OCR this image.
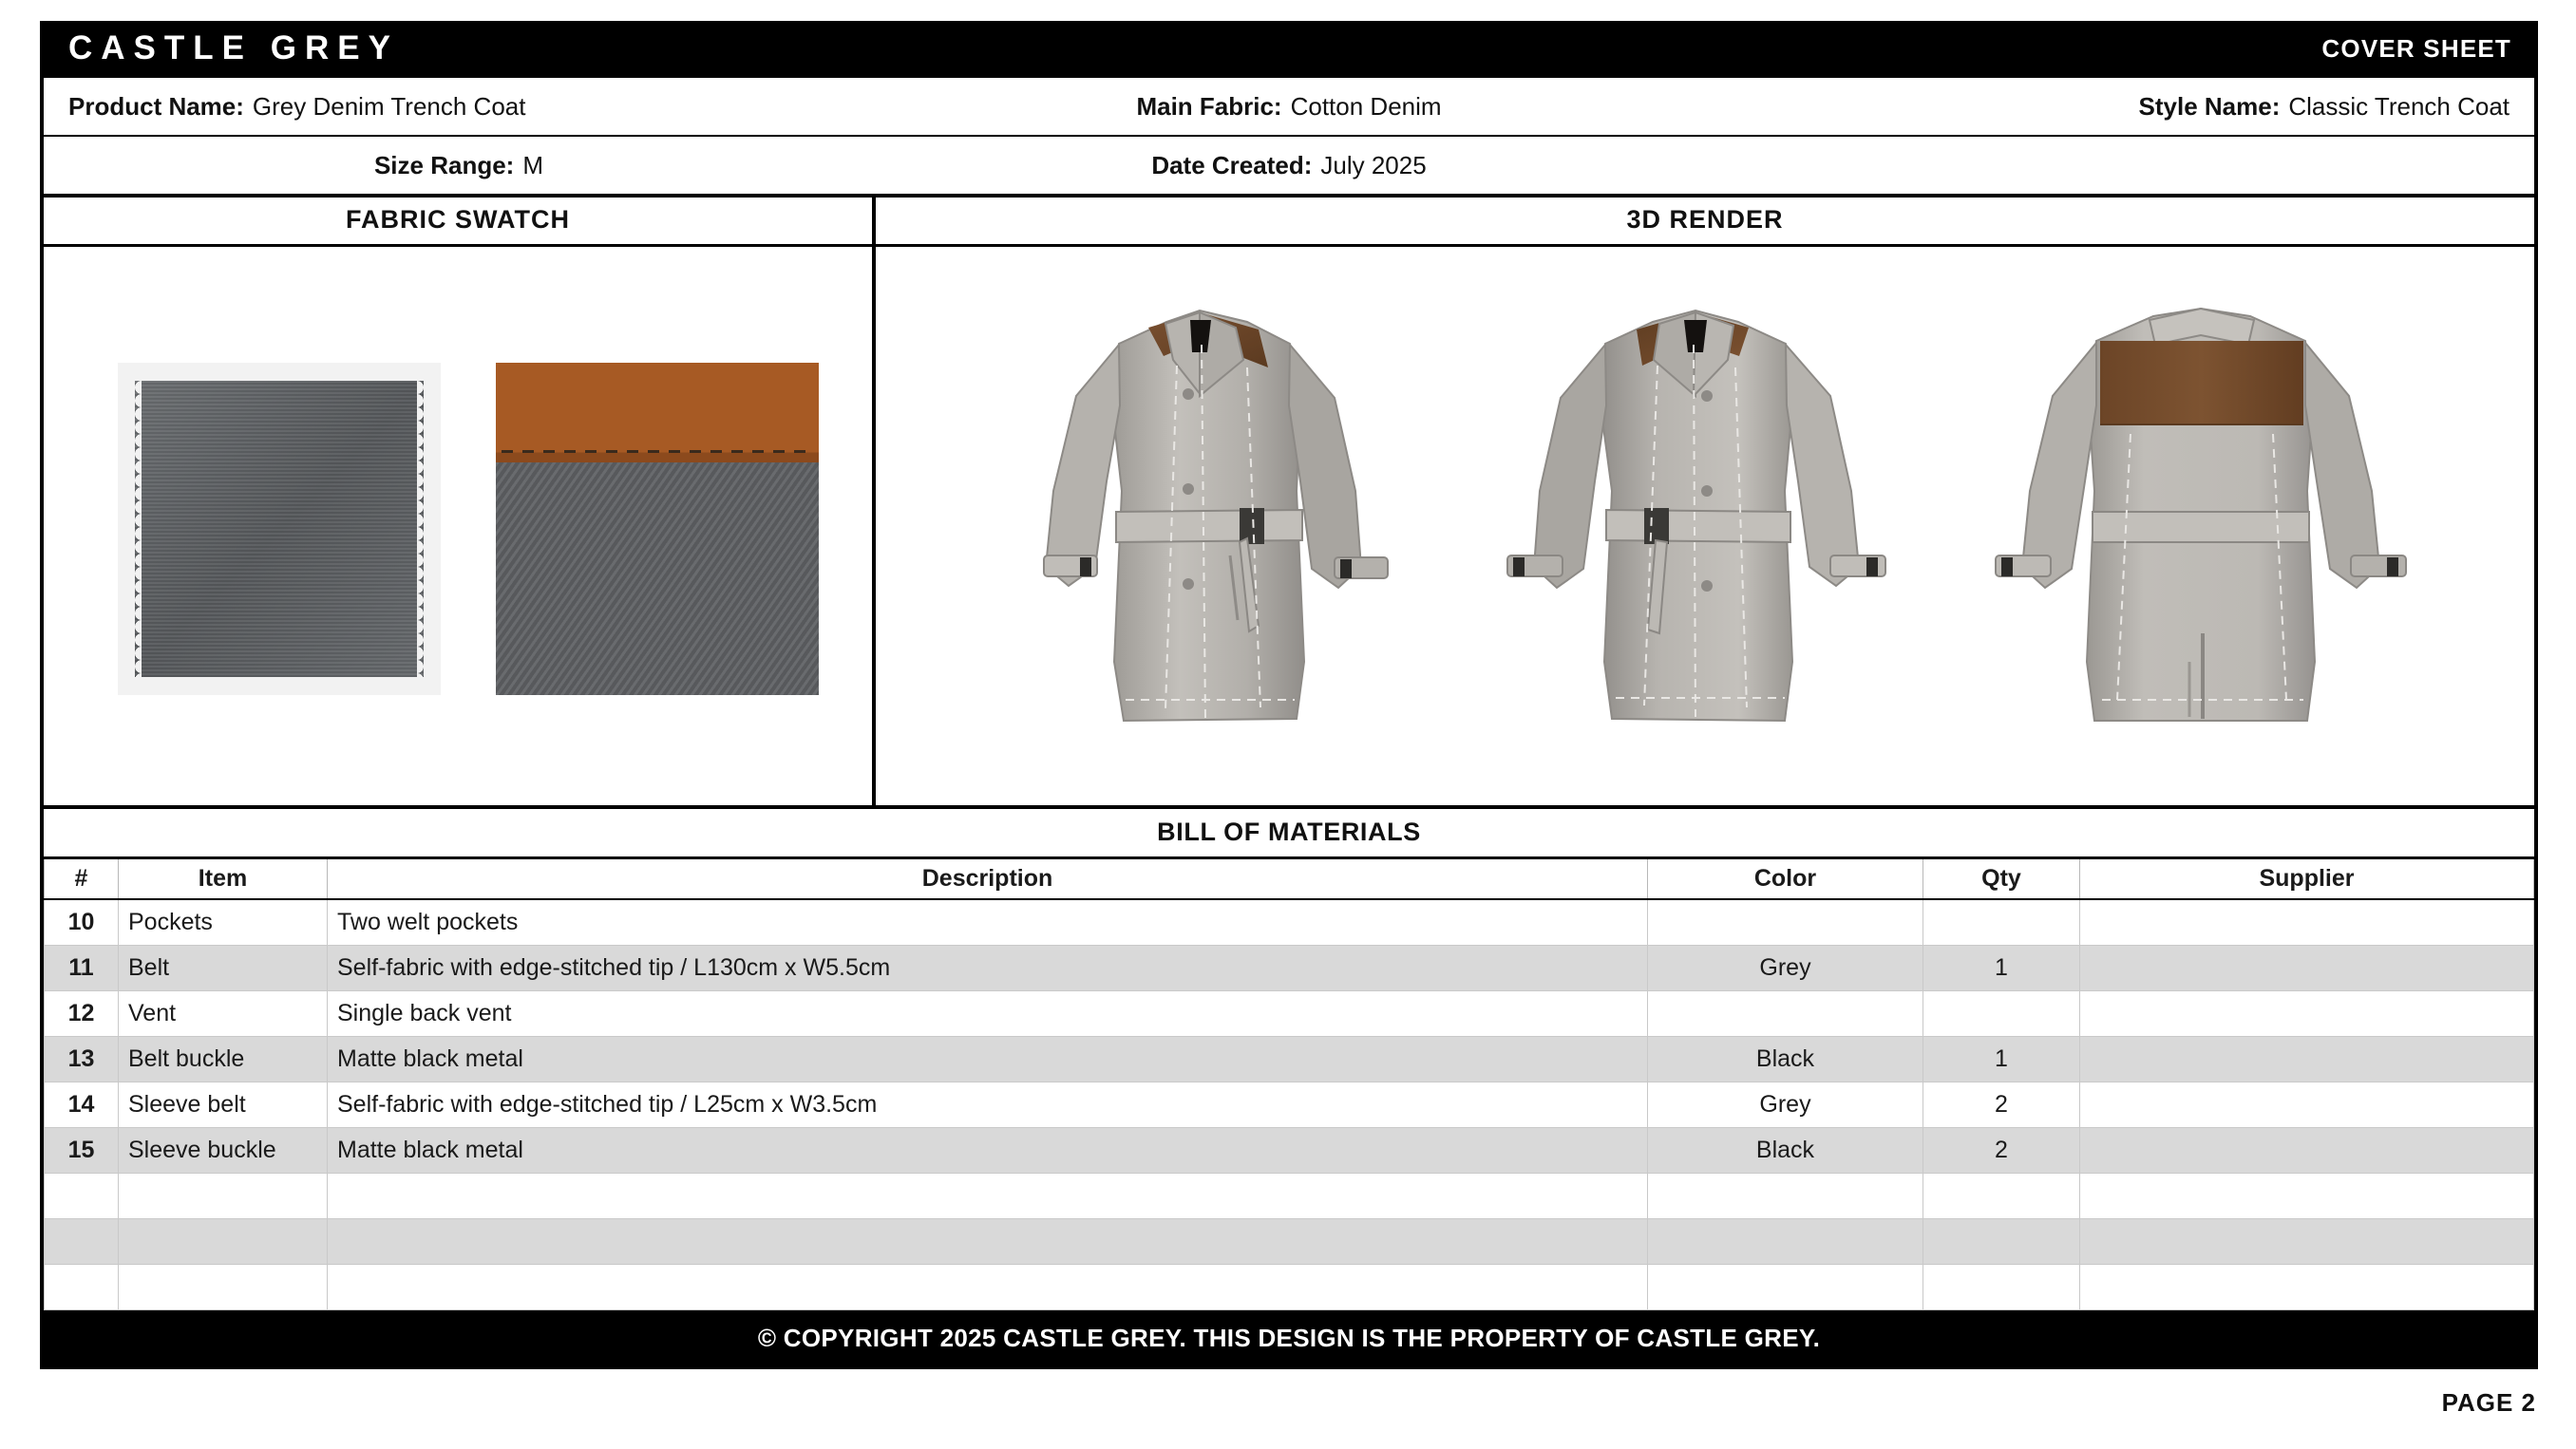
CASTLE GREY	COVER SHEET
Product Name: Grey Denim Trench Coat	Main Fabric: Cotton Denim	Style Name: Classic Trench Coat
Size Range: M	Date Created: July 2025
FABRIC SWATCH	3D RENDER
BILL OF MATERIALS
#	Item	Description	Color	Qty	Supplier
10	Pockets	Two welt pockets			
11	Belt	Self-fabric with edge-stitched tip / L130cm x W5.5cm	Grey	1	
12	Vent	Single back vent			
13	Belt buckle	Matte black metal	Black	1	
14	Sleeve belt	Self-fabric with edge-stitched tip / L25cm x W3.5cm	Grey	2	
15	Sleeve buckle	Matte black metal	Black	2	

© COPYRIGHT 2025 CASTLE GREY. THIS DESIGN IS THE PROPERTY OF CASTLE GREY.
PAGE 2
